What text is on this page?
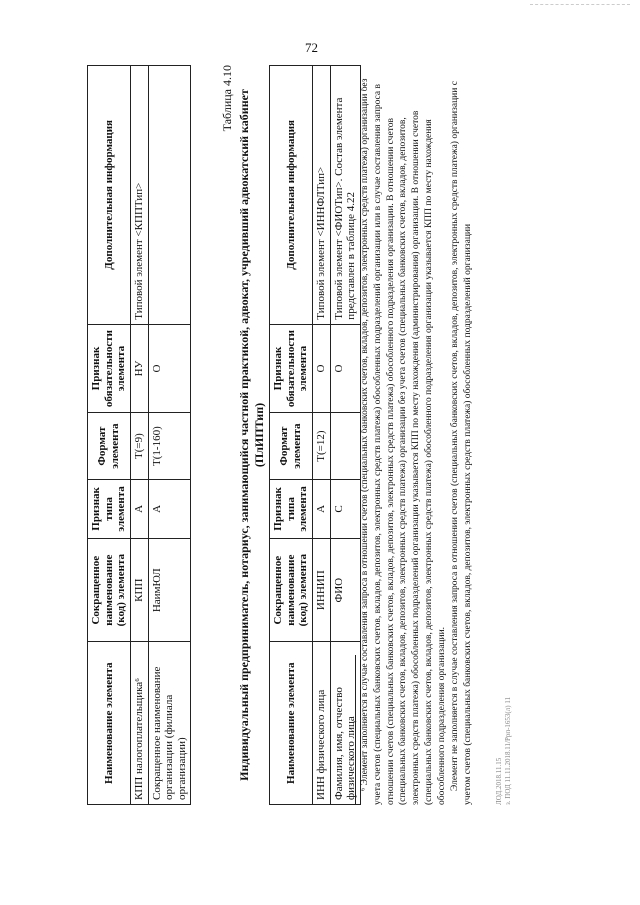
72
Наименование элемента	Сокращенное наименование (код) элемента	Признак типа элемента	Формат элемента	Признак обязательности элемента	Дополнительная информация
КПП налогоплательщика⁶	КПП	А	T(=9)	НУ	Типовой элемент <КППТип>
Сокращенное наименование организации (филиала организации)	НаимЮЛ	А	T(1-160)	О	
Таблица 4.10 Индивидуальный предприниматель, нотариус, занимающийся частной практикой, адвокат, учредивший адвокатский кабинет (ПлИПТип)
Наименование элемента	Сокращенное наименование (код) элемента	Признак типа элемента	Формат элемента	Признак обязательности элемента	Дополнительная информация
ИНН физического лица	ИННИП	А	T(=12)	О	Типовой элемент <ИННФЛТип>
Фамилия, имя, отчество физического лица	ФИО	С		О	Типовой элемент <ФИОТип>. Состав элемента представлен в таблице 4.22 ⁶ Элемент заполняется в случае составления запроса в отношении счетов (специальных банковских счетов, вкладов, депозитов, электронных средств платежа) организации без учета счетов (специальных банковских счетов, вкладов, депозитов, электронных средств платежа) обособленных подразделений организации или в случае составления запроса в отношении счетов (специальных банковских счетов, вкладов, депозитов, электронных средств платежа) обособленного подразделения организации. В отношении счетов (специальных банковских счетов, вкладов, депозитов, электронных средств платежа) организации без учета счетов (специальных банковских счетов, вкладов, депозитов, электронных средств платежа) обособленных подразделений организации указывается КПП по месту нахождения (администрирования) организации. В отношении счетов (специальных банковских счетов, вкладов, депозитов, электронных средств платежа) обособленного подразделения организации указывается КПП по месту нахождения обособленного подразделения организации. Элемент не заполняется в случае составления запроса в отношении счетов (специальных банковских счетов, вкладов, депозитов, электронных средств платежа) организации с учетом счетов (специальных банковских счетов, вкладов, депозитов, электронных средств платежа) обособленных подразделений организации	ЛОД.2018.11.15 з. ПОД 11.11.2018.11/Ррп-1653(л) 11
